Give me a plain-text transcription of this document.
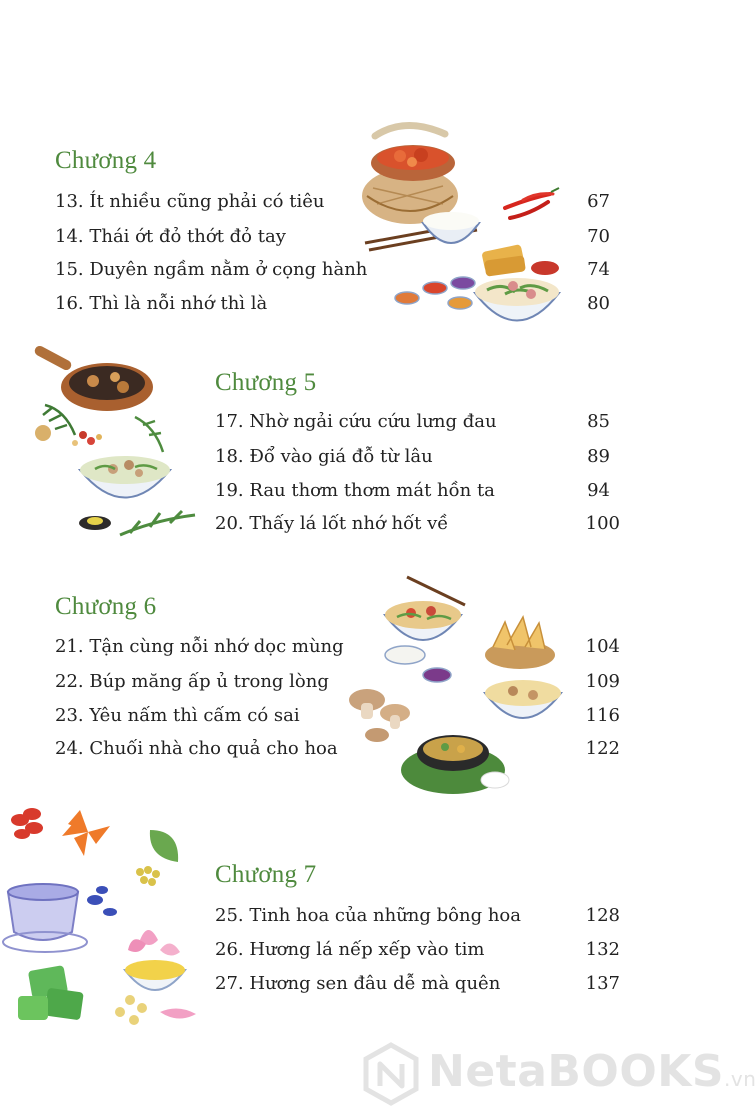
Chương 4
13. Ít nhiều cũng phải có tiêu	67
14. Thái ớt đỏ thớt đỏ tay	70
15. Duyên ngầm nằm ở cọng hành	74
16. Thì là nỗi nhớ thì là	80
Chương 5
17. Nhờ ngải cứu cứu lưng đau	85
18. Đổ vào giá đỗ từ lâu	89
19. Rau thơm thơm mát hồn ta	94
20. Thấy lá lốt nhớ hốt về	100
Chương 6
21. Tận cùng nỗi nhớ dọc mùng	104
22. Búp măng ấp ủ trong lòng	109
23. Yêu nấm thì cấm có sai	116
24. Chuối nhà cho quả cho hoa	122
Chương 7
25. Tinh hoa của những bông hoa	128
26. Hương lá nếp xếp vào tim	132
27. Hương sen đâu dễ mà quên	137
NetaBOOKS.vn
